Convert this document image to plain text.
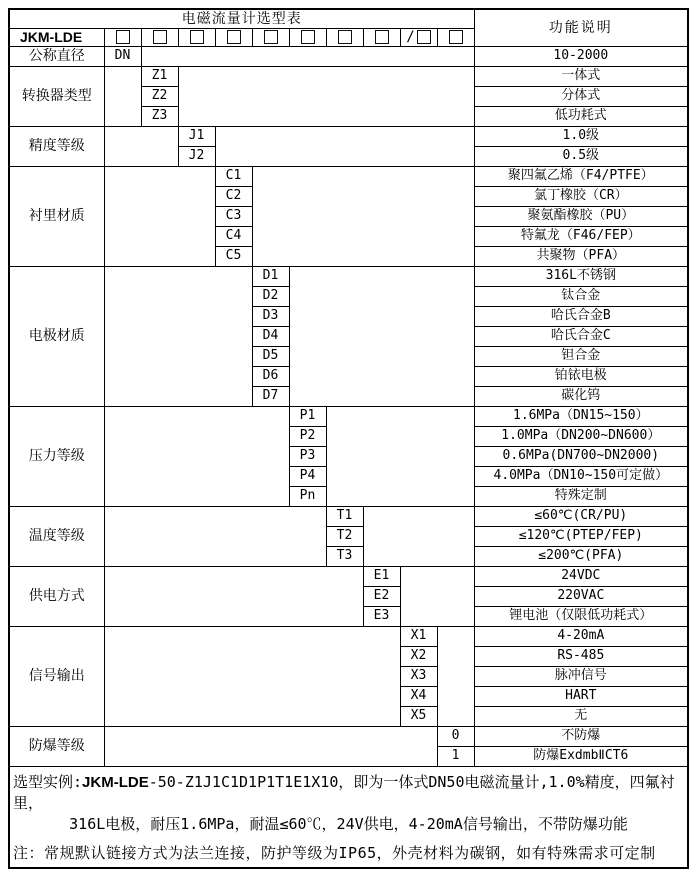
电磁流量计选型表											功能说明
JKM-LDE									/		
公称直径	DN										10-2000
转换器类型		Z1									一体式
		Z2									分体式
		Z3									低功耗式
精度等级			J1								1.0级
			J2								0.5级
衬里材质				C1							聚四氟乙烯（F4/PTFE）
				C2							氯丁橡胶（CR）
				C3							聚氨酯橡胶（PU）
				C4							特氟龙（F46/FEP）
				C5							共聚物（PFA）
电极材质					D1						316L不锈钢
					D2						钛合金
					D3						哈氏合金B
					D4						哈氏合金C
					D5						钽合金
					D6						铂铱电极
					D7						碳化钨
压力等级						P1					1.6MPa（DN15~150）
						P2					1.0MPa（DN200~DN600）
						P3					0.6MPa(DN700~DN2000)
						P4					4.0MPa（DN10~150可定做）
						Pn					特殊定制
温度等级							T1				≤60℃(CR/PU)
							T2				≤120℃(PTEP/FEP)
							T3				≤200℃(PFA)
供电方式								E1			24VDC
								E2			220VAC
								E3			锂电池（仅限低功耗式）
信号输出									X1		4-20mA
									X2		RS-485
									X3		脉冲信号
									X4		HART
									X5		无
防爆等级										0	不防爆
										1	防爆ExdmbⅡCT6

选型实例:JKM-LDE-50-Z1J1C1D1P1T1E1X10，即为一体式DN50电磁流量计,1.0%精度，四氟衬里，
316L电极，耐压1.6MPa，耐温≤60℃，24V供电，4-20mA信号输出，不带防爆功能
注：常规默认链接方式为法兰连接，防护等级为IP65，外壳材料为碳钢，如有特殊需求可定制											
